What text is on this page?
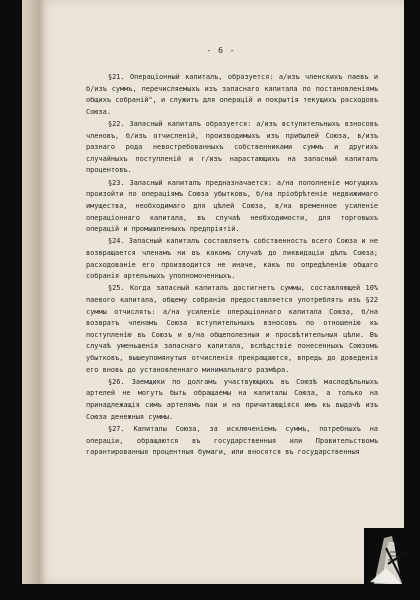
- 6 -

§21. Операціонный капиталъ, образуется: а/изъ членскихъ паевъ и б/изъ суммъ, перечисляемыхъ изъ запаснаго капитала по постановленіямъ общихъ собраній", и служитъ для операцій и покрытія текущихъ расходовъ Союза.

§22. Запасный капиталъ образуется: а/изъ вступительныхъ взносовъ членовъ, б/изъ отчисленій, производимыхъ изъ прибылей Союза, в/изъ разнаго рода невостребованныхъ собственниками суммъ и другихъ случайныхъ поступленій и г/изъ нарастающихъ на запасный капиталъ процентовъ.

§23. Запасный капиталъ предназначается: а/на пополненіе могущихъ произойти по операціямъ Союза убытковъ, б/на пріобрѣтеніе недвижимаго имущества, необходимаго для цѣлей Союза, в/на временное усиленіе операціоннаго капитала, въ случаѣ необходимости, для торговыхъ операцій и промышленныхъ предпріятій.

§24. Запасный капиталъ составляетъ собственность всего Союза и не возвращается членамъ ни въ какомъ случаѣ до ликвидаціи дѣлъ Союза; расходованіе его производится не иначе, какъ по опредѣленію общаго собранія артельныхъ уполномоченныхъ.

§25. Когда запасный капиталъ достигнетъ суммы, составляющей 10% паевого капитала, общему собранію предоставляется употреблять изъ §22 суммы отчислять: а/на усиленіе операціоннаго капитала Союза, б/на возвратъ членамъ Союза вступительныхъ взносовъ по отношенію къ поступленію въ Союзъ и в/на общеполезныя и просвѣтительныя цѣли. Въ случаѣ уменьшенія запаснаго капитала, вслѣдствіе понесенныхъ Союзомъ убытковъ, вышеупомянутыя отчисленія прекращаются, впредь до доведенія его вновь до установленнаго минимальнаго размѣра.

§26. Заемщики по долгамъ участвующихъ въ Союзѣ маслодѣльныхъ артелей не могутъ быть обращаемы на капиталы Союза, а только на принадлежащія симъ артелямъ паи и на причитающіяся имъ къ выдачѣ изъ Союза денежныя суммы.

§27. Капиталы Союза, за исключеніемъ суммъ, потребныхъ на операціи, обращаются въ государственныя или Правительствомъ гарантированныя процентныя бумаги, или вносятся въ государственныя
